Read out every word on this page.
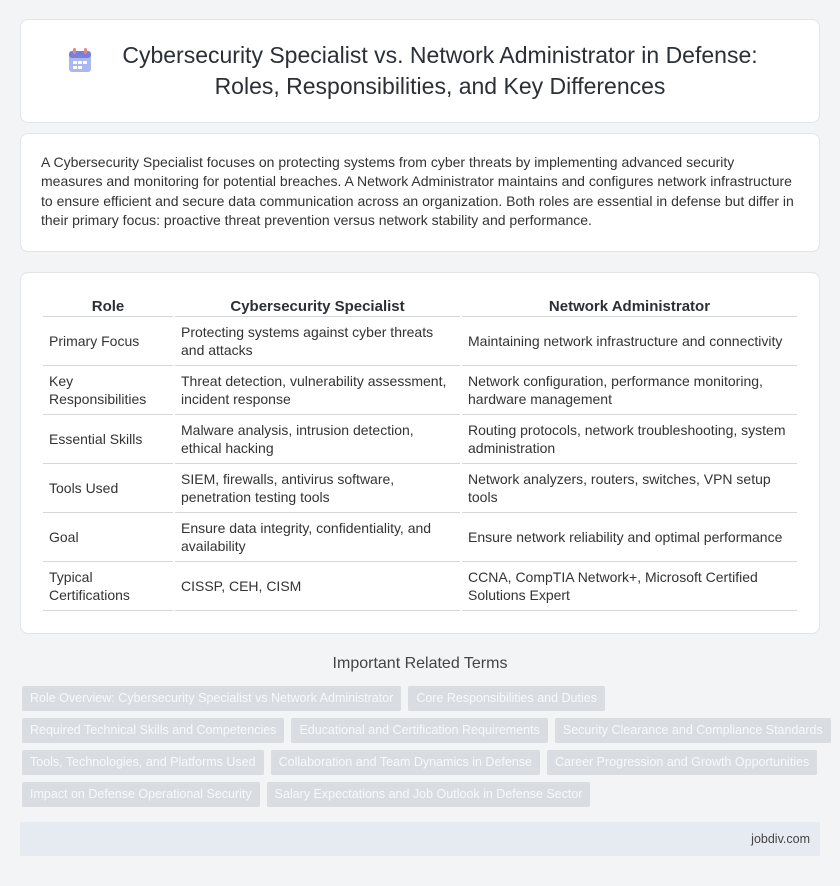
Cybersecurity Specialist vs. Network Administrator in Defense: Roles, Responsibilities, and Key Differences

A Cybersecurity Specialist focuses on protecting systems from cyber threats by implementing advanced security measures and monitoring for potential breaches. A Network Administrator maintains and configures network infrastructure to ensure efficient and secure data communication across an organization. Both roles are essential in defense but differ in their primary focus: proactive threat prevention versus network stability and performance.

Role	Cybersecurity Specialist	Network Administrator
Primary Focus	Protecting systems against cyber threats and attacks	Maintaining network infrastructure and connectivity
Key Responsibilities	Threat detection, vulnerability assessment, incident response	Network configuration, performance monitoring, hardware management
Essential Skills	Malware analysis, intrusion detection, ethical hacking	Routing protocols, network troubleshooting, system administration
Tools Used	SIEM, firewalls, antivirus software, penetration testing tools	Network analyzers, routers, switches, VPN setup tools
Goal	Ensure data integrity, confidentiality, and availability	Ensure network reliability and optimal performance
Typical Certifications	CISSP, CEH, CISM	CCNA, CompTIA Network+, Microsoft Certified Solutions Expert
Important Related Terms
Role Overview: Cybersecurity Specialist vs Network Administrator	Core Responsibilities and Duties
Required Technical Skills and Competencies	Educational and Certification Requirements	Security Clearance and Compliance Standards
Tools, Technologies, and Platforms Used	Collaboration and Team Dynamics in Defense	Career Progression and Growth Opportunities
Impact on Defense Operational Security	Salary Expectations and Job Outlook in Defense Sector
jobdiv.com
